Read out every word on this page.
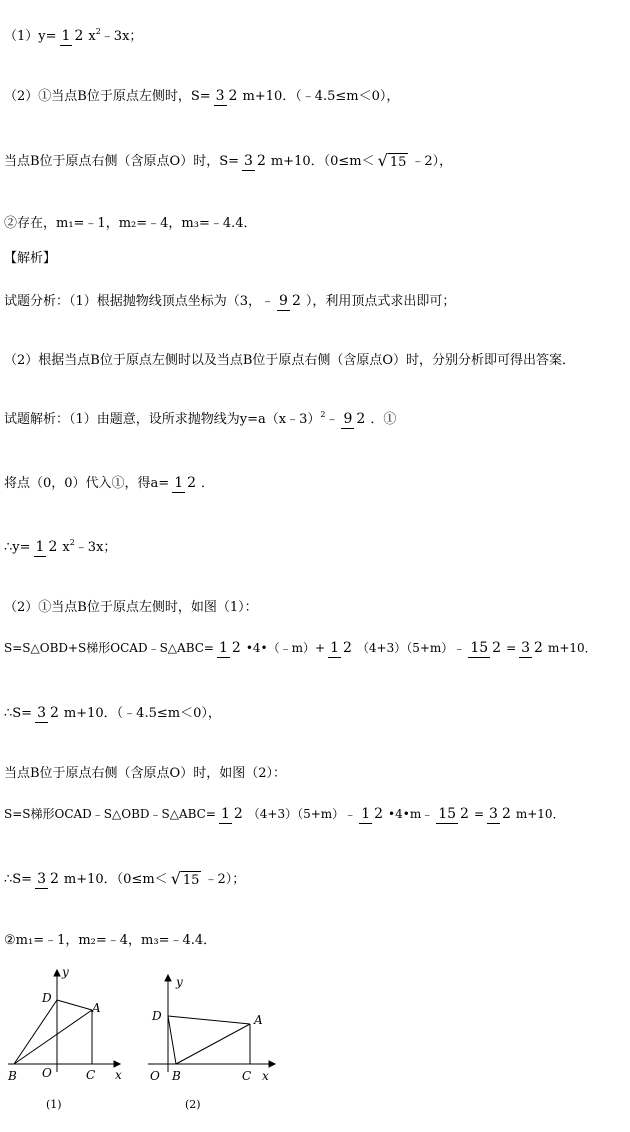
（1）y= 1 2 x2﹣3x；
（2）①当点B位于原点左侧时，S= 3 2 m+10．（﹣4.5≤m＜0），
当点B位于原点右侧（含原点O）时，S= 3 2 m+10．（0≤m＜ √ 15 ﹣2），
②存在，m₁=﹣1，m₂=﹣4，m₃=﹣4.4．
【解析】
试题分析：（1）根据抛物线顶点坐标为（3，﹣ 9 2 ），利用顶点式求出即可；
（2）根据当点B位于原点左侧时以及当点B位于原点右侧（含原点O）时，分别分析即可得出答案．
试题解析：（1）由题意，设所求抛物线为y=a（x﹣3）2﹣ 9 2 ．①
将点（0，0）代入①，得a= 1 2 ．
∴y= 1 2 x2﹣3x；
（2）①当点B位于原点左侧时，如图（1）：
S=S△OBD+S梯形OCAD﹣S△ABC= 1 2 •4•（﹣m）+ 1 2 （4+3）（5+m）﹣ 15 2 = 3 2 m+10．
∴S= 3 2 m+10．（﹣4.5≤m＜0），
当点B位于原点右侧（含原点O）时，如图（2）：
S=S梯形OCAD﹣S△OBD﹣S△ABC= 1 2 （4+3）（5+m）﹣ 1 2 •4•m﹣ 15 2 = 3 2 m+10．
∴S= 3 2 m+10．（0≤m＜ √ 15 ﹣2）；
②m₁=﹣1，m₂=﹣4，m₃=﹣4.4．
y
D
A
B O	C x
(1)
y
D	A
O B	C x
(2)
